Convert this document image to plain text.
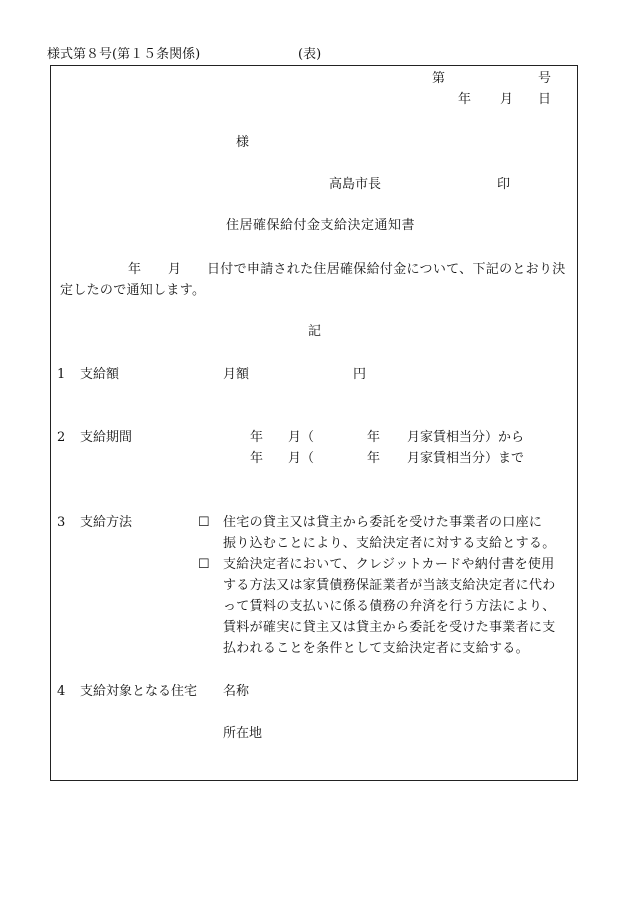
様式第８号(第１５条関係)	(表)
第	号
年 月 日
様
高島市長	印
住居確保給付金支給決定通知書
年 月 日付で申請された住居確保給付金について、下記のとおり決
定したので通知します。
記
1 支給額	月額	円
2 支給期間	年 月（	年 月家賃相当分） から
年 月（	年 月家賃相当分） まで
3 支給方法	☐ 住宅の貸主又は貸主から委託を受けた事業者の口座に
振り込むことにより、支給決定者に対する支給とする。
☐ 支給決定者において、クレジットカードや納付書を使用
する方法又は家賃債務保証業者が当該支給決定者に代わ
って賃料の支払いに係る債務の弁済を行う方法により、
賃料が確実に貸主又は貸主から委託を受けた事業者に支
払われることを条件として支給決定者に支給する。
4 支給対象となる住宅 名称
所在地
